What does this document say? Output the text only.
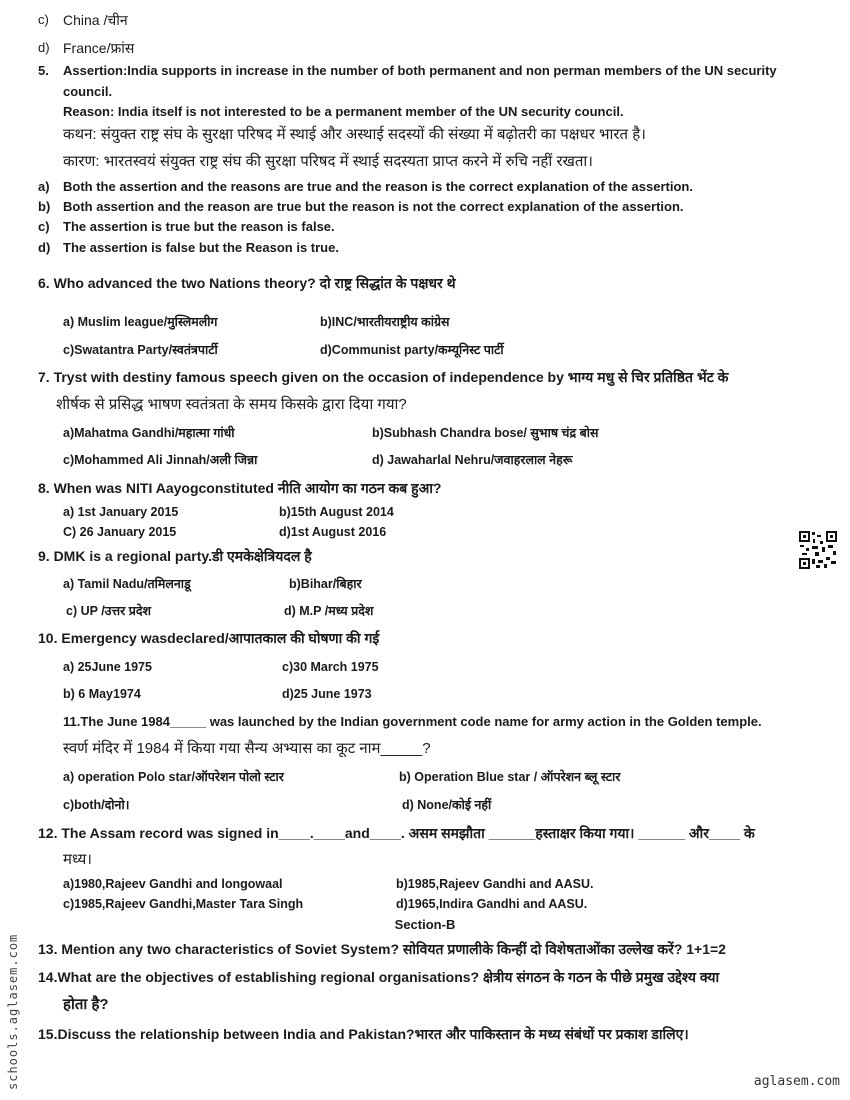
c) China /चीन
d) France/फ्रांस
5. Assertion:India supports in increase in the number of both permanent and non perman members of the UN security
council.
Reason: India itself is not interested to be a permanent member of the UN security council.
कथन: संयुक्त राष्ट्र संघ के सुरक्षा परिषद में स्थाई और अस्थाई सदस्यों की संख्या में बढ़ोतरी का पक्षधर भारत है।
कारण: भारतस्वयं संयुक्त राष्ट्र संघ की सुरक्षा परिषद में स्थाई सदस्यता प्राप्त करने में रुचि नहीं रखता।
a) Both the assertion and the reasons are true and the reason is the correct explanation of the assertion.
b) Both assertion and the reason are true but the reason is not the correct explanation of the assertion.
c) The assertion is true but the reason is false.
d) The assertion is false but the Reason is true.
6. Who advanced the two Nations theory? दो राष्ट्र सिद्धांत के पक्षधर थे
a) Muslim league/मुस्लिमलीग	b)INC/भारतीयराष्ट्रीय कांग्रेस
c)Swatantra Party/स्वतंत्रपार्टी	d)Communist party/कम्यूनिस्ट पार्टी
7. Tryst with destiny famous speech given on the occasion of independence by भाग्य मधु से चिर प्रतिष्ठित भेंट के
शीर्षक से प्रसिद्ध भाषण स्वतंत्रता के समय किसके द्वारा दिया गया?
a)Mahatma Gandhi/महात्मा गांधी	b)Subhash Chandra bose/ सुभाष चंद्र बोस
c)Mohammed Ali Jinnah/अली जिन्ना	d) Jawaharlal Nehru/जवाहरलाल नेहरू
8. When was NITI Aayogconstituted नीति आयोग का गठन कब हुआ?
a) 1st January 2015	b)15th August 2014
C) 26 January 2015	d)1st August 2016
9. DMK is a regional party.डी एमकेक्षेत्रियदल है
a) Tamil Nadu/तमिलनाडू	b)Bihar/बिहार
c) UP /उत्तर प्रदेश	d) M.P /मध्य प्रदेश
10. Emergency wasdeclared/आपातकाल की घोषणा की गई
a) 25June 1975	c)30 March 1975
b) 6 May1974	d)25 June 1973
11.The June 1984_____ was launched by the Indian government code name for army action in the Golden temple.
स्वर्ण मंदिर में 1984 में किया गया सैन्य अभ्यास का कूट नाम_____?
a) operation Polo star/ऑपरेशन पोलो स्टार	b) Operation Blue star / ऑपरेशन ब्लू स्टार
c)both/दोनो।	d) None/कोई नहीं
12. The Assam record was signed in____.____and____. असम समझौता ______हस्ताक्षर किया गया। ______ और____ के
मध्य।
a)1980,Rajeev Gandhi and longowaal	b)1985,Rajeev Gandhi and AASU.
c)1985,Rajeev Gandhi,Master Tara Singh	d)1965,Indira Gandhi and AASU.
Section-B
13. Mention any two characteristics of Soviet System? सोवियत प्रणालीके किन्हीं दो विशेषताओंका उल्लेख करें? 1+1=2
14.What are the objectives of establishing regional organisations? क्षेत्रीय संगठन के गठन के पीछे प्रमुख उद्देश्य क्या
होता है?
15.Discuss the relationship between India and Pakistan?भारत और पाकिस्तान के मध्य संबंधों पर प्रकाश डालिए।
schools.aglasem.com	aglasem.com
